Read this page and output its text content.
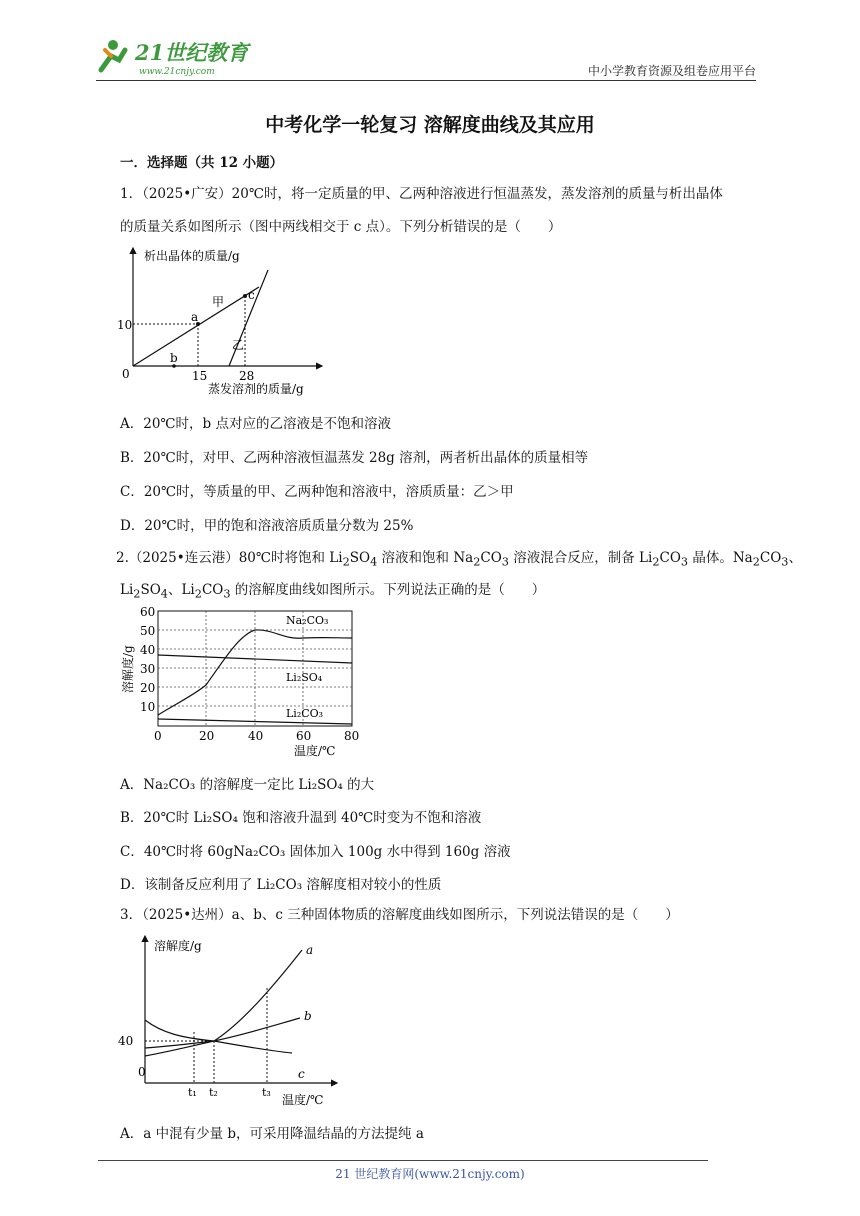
21世纪教育
www.21cnjy.com	中小学教育资源及组卷应用平台
中考化学一轮复习 溶解度曲线及其应用
一．选择题（共 12 小题）
1．（2025•广安）20℃时，将一定质量的甲、乙两种溶液进行恒温蒸发，蒸发溶剂的质量与析出晶体
的质量关系如图所示（图中两线相交于 c 点）。下列分析错误的是（　　）
析出晶体的质量/g
蒸发溶剂的质量/g
0
10
15	28
a
b
c
甲
乙
A．20℃时，b 点对应的乙溶液是不饱和溶液
B．20℃时，对甲、乙两种溶液恒温蒸发 28g 溶剂，两者析出晶体的质量相等
C．20℃时，等质量的甲、乙两种饱和溶液中，溶质质量：乙＞甲
D．20℃时，甲的饱和溶液溶质质量分数为 25%
2.（2025•连云港）80℃时将饱和 $Li_2SO_4$ 溶液和饱和 $Na_2CO_3$ 溶液混合反应，制备 $Li_2CO_3$ 晶体。$Na_2CO_3$、
$Li_2SO_4$、$Li_2CO_3$ 的溶解度曲线如图所示。下列说法正确的是（　　）
60
50
40
30
20
10
0	20	40	60	80
溶解度/g
温度/℃
Na₂CO₃
Li₂SO₄
Li₂CO₃
A．Na₂CO₃ 的溶解度一定比 Li₂SO₄ 的大
B．20℃时 Li₂SO₄ 饱和溶液升温到 40℃时变为不饱和溶液
C．40℃时将 60gNa₂CO₃ 固体加入 100g 水中得到 160g 溶液
D．该制备反应利用了 Li₂CO₃ 溶解度相对较小的性质
3．（2025•达州）a、b、c 三种固体物质的溶解度曲线如图所示，下列说法错误的是（　　）
溶解度/g
温度/℃
0
40
t₁ t₂	t₃
a
b
c
A．a 中混有少量 b，可采用降温结晶的方法提纯 a
21 世纪教育网(www.21cnjy.com)
